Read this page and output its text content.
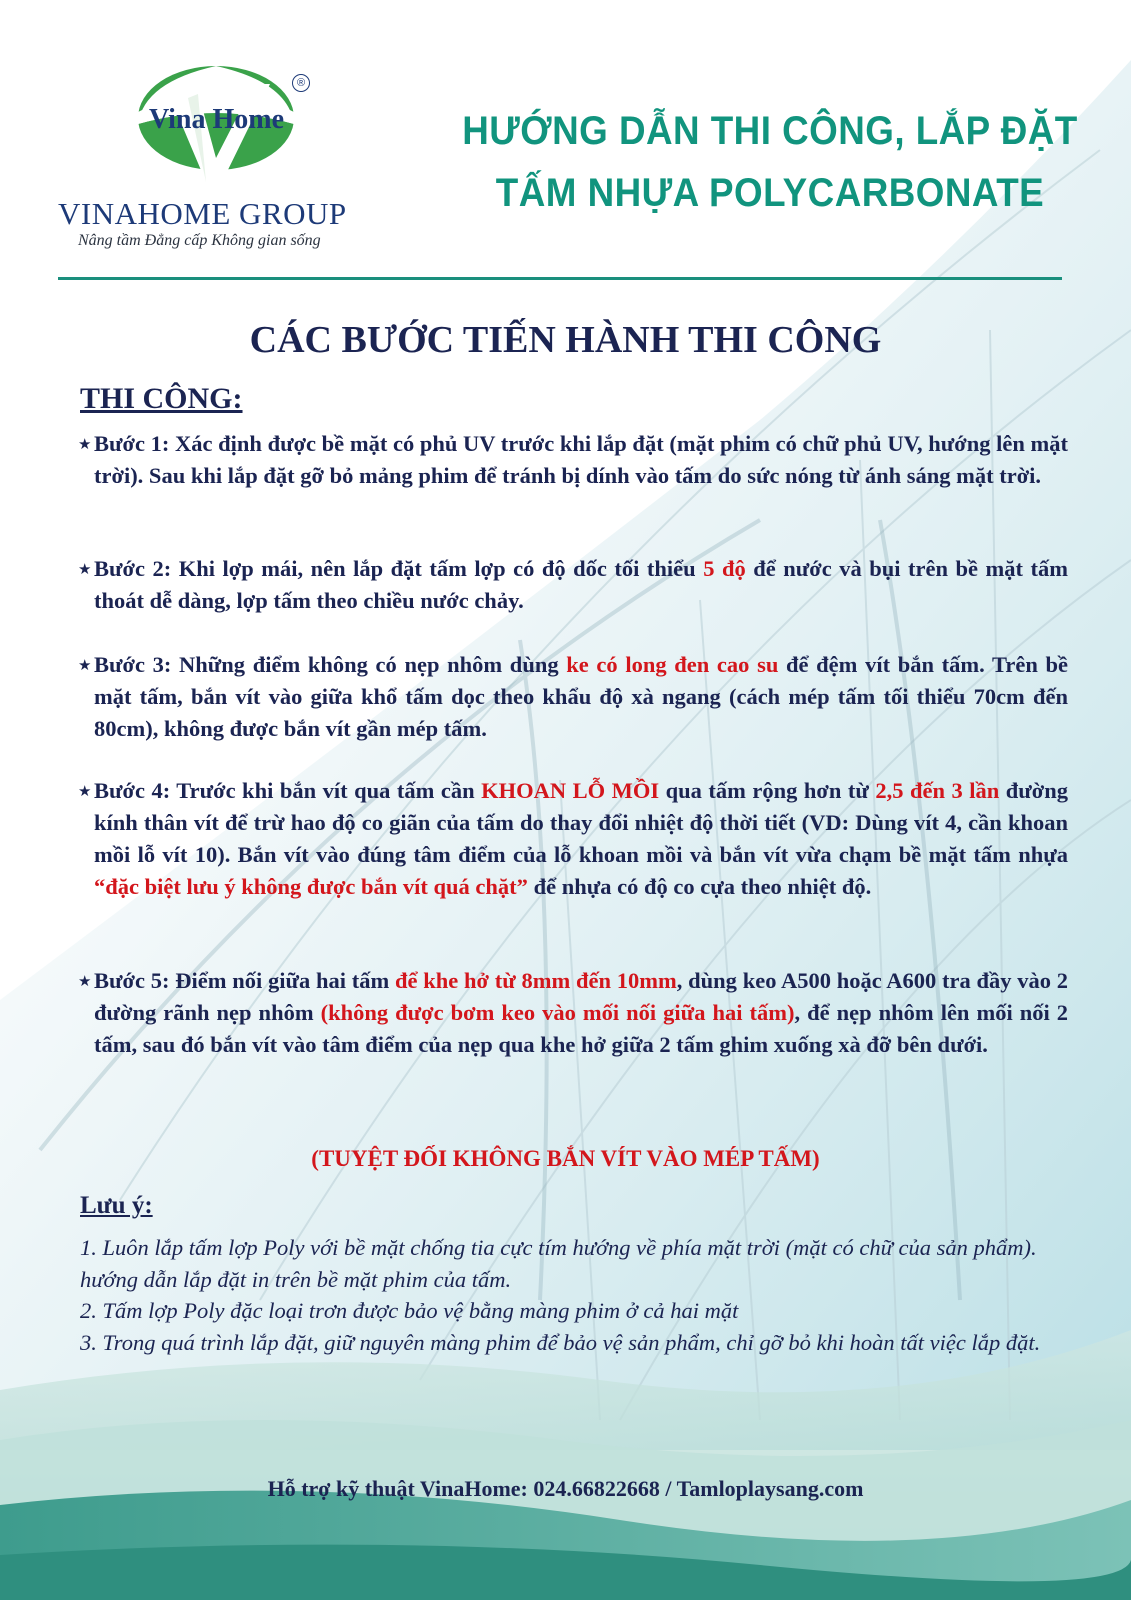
Vina Home
®
VINAHOME GROUP
Nâng tầm Đẳng cấp Không gian sống
HƯỚNG DẪN THI CÔNG, LẮP ĐẶT
TẤM NHỰA POLYCARBONATE
CÁC BƯỚC TIẾN HÀNH THI CÔNG
THI CÔNG:
★ Bước 1: Xác định được bề mặt có phủ UV trước khi lắp đặt (mặt phim có chữ phủ UV, hướng lên mặt trời). Sau khi lắp đặt gỡ bỏ mảng phim để tránh bị dính vào tấm do sức nóng từ ánh sáng mặt trời.
★ Bước 2: Khi lợp mái, nên lắp đặt tấm lợp có độ dốc tối thiểu 5 độ để nước và bụi trên bề mặt tấm thoát dễ dàng, lợp tấm theo chiều nước chảy.
★ Bước 3: Những điểm không có nẹp nhôm dùng ke có long đen cao su để đệm vít bắn tấm. Trên bề mặt tấm, bắn vít vào giữa khổ tấm dọc theo khẩu độ xà ngang (cách mép tấm tối thiểu 70cm đến 80cm), không được bắn vít gần mép tấm.
★ Bước 4: Trước khi bắn vít qua tấm cần KHOAN LỖ MỒI qua tấm rộng hơn từ 2,5 đến 3 lần đường kính thân vít để trừ hao độ co giãn của tấm do thay đổi nhiệt độ thời tiết (VD: Dùng vít 4, cần khoan mồi lỗ vít 10). Bắn vít vào đúng tâm điểm của lỗ khoan mồi và bắn vít vừa chạm bề mặt tấm nhựa “đặc biệt lưu ý không được bắn vít quá chặt” để nhựa có độ co cựa theo nhiệt độ.
★ Bước 5: Điểm nối giữa hai tấm để khe hở từ 8mm đến 10mm, dùng keo A500 hoặc A600 tra đầy vào 2 đường rãnh nẹp nhôm (không được bơm keo vào mối nối giữa hai tấm), để nẹp nhôm lên mối nối 2 tấm, sau đó bắn vít vào tâm điểm của nẹp qua khe hở giữa 2 tấm ghim xuống xà đỡ bên dưới.
(TUYỆT ĐỐI KHÔNG BẮN VÍT VÀO MÉP TẤM)
Lưu ý:

1. Luôn lắp tấm lợp Poly với bề mặt chống tia cực tím hướng về phía mặt trời (mặt có chữ của sản phẩm). hướng dẫn lắp đặt in trên bề mặt phim của tấm.

2. Tấm lợp Poly đặc loại trơn được bảo vệ bằng màng phim ở cả hai mặt

3. Trong quá trình lắp đặt, giữ nguyên màng phim để bảo vệ sản phẩm, chỉ gỡ bỏ khi hoàn tất việc lắp đặt.

Hỗ trợ kỹ thuật VinaHome: 024.66822668 / Tamloplaysang.com
